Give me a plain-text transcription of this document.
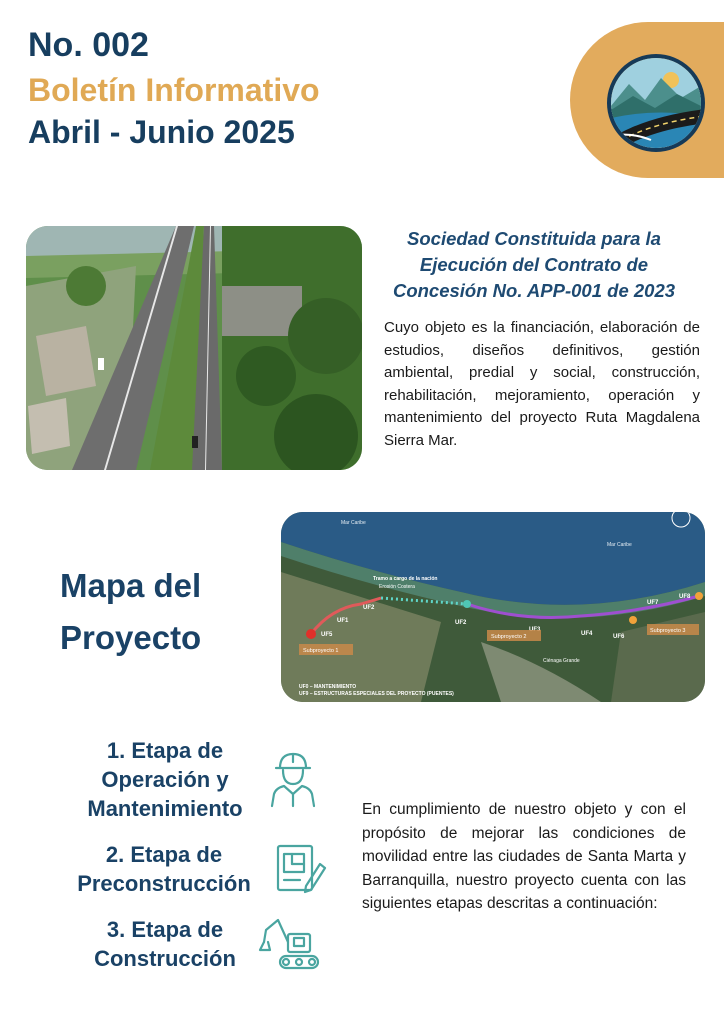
No. 002
Boletín Informativo
Abril - Junio 2025
Sociedad Constituida para la Ejecución del Contrato de Concesión No. APP-001 de 2023
Cuyo objeto es la financiación, elaboración de estudios, diseños definitivos, gestión ambiental, predial y social, construcción, rehabilitación, mejoramiento, operación y mantenimiento del proyecto Ruta Magdalena Sierra Mar.
Mapa del
Proyecto
Mar Caribe
Mar Caribe
Tramo a cargo de la nación
Erosión Costera
UF1
UF2
UF5
UF2
UF4	UF6
UF7
UF8
Subproyecto 1
Subproyecto 2
Subproyecto 3
Ciénaga Grande
UF0 – MANTENIMIENTO
UF9 – ESTRUCTURAS ESPECIALES DEL PROYECTO (PUENTES)
1. Etapa de
Operación y
Mantenimiento
2. Etapa de
Preconstrucción
3. Etapa de
Construcción
En cumplimiento de nuestro objeto y con el propósito de mejorar las condiciones de movilidad entre las ciudades de Santa Marta y Barranquilla, nuestro proyecto cuenta con las siguientes etapas descritas a continuación:
